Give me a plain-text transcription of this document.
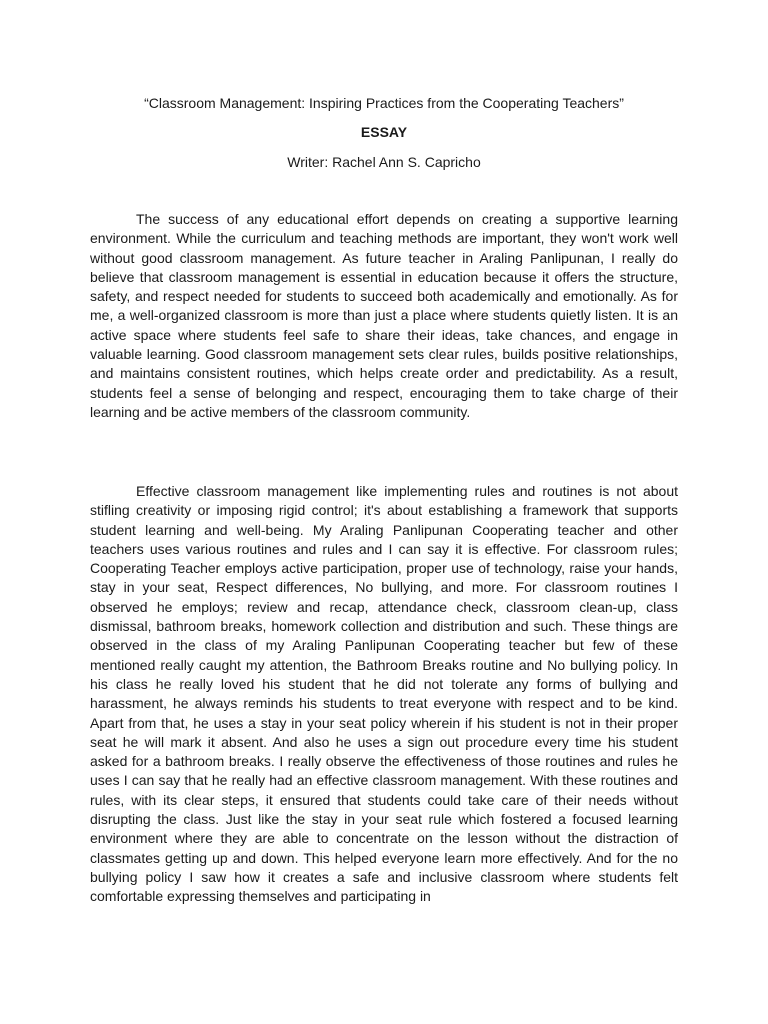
“Classroom Management: Inspiring Practices from the Cooperating Teachers”
ESSAY
Writer: Rachel Ann S. Capricho

The success of any educational effort depends on creating a supportive learning environment. While the curriculum and teaching methods are important, they won't work well without good classroom management. As future teacher in Araling Panlipunan, I really do believe that classroom management is essential in education because it offers the structure, safety, and respect needed for students to succeed both academically and emotionally. As for me, a well-organized classroom is more than just a place where students quietly listen. It is an active space where students feel safe to share their ideas, take chances, and engage in valuable learning. Good classroom management sets clear rules, builds positive relationships, and maintains consistent routines, which helps create order and predictability. As a result, students feel a sense of belonging and respect, encouraging them to take charge of their learning and be active members of the classroom community.

Effective classroom management like implementing rules and routines is not about stifling creativity or imposing rigid control; it's about establishing a framework that supports student learning and well-being. My Araling Panlipunan Cooperating teacher and other teachers uses various routines and rules and I can say it is effective. For classroom rules; Cooperating Teacher employs active participation, proper use of technology, raise your hands, stay in your seat, Respect differences, No bullying, and more. For classroom routines I observed he employs; review and recap, attendance check, classroom clean-up, class dismissal, bathroom breaks, homework collection and distribution and such. These things are observed in the class of my Araling Panlipunan Cooperating teacher but few of these mentioned really caught my attention, the Bathroom Breaks routine and No bullying policy. In his class he really loved his student that he did not tolerate any forms of bullying and harassment, he always reminds his students to treat everyone with respect and to be kind. Apart from that, he uses a stay in your seat policy wherein if his student is not in their proper seat he will mark it absent. And also he uses a sign out procedure every time his student asked for a bathroom breaks. I really observe the effectiveness of those routines and rules he uses I can say that he really had an effective classroom management. With these routines and rules, with its clear steps, it ensured that students could take care of their needs without disrupting the class. Just like the stay in your seat rule which fostered a focused learning environment where they are able to concentrate on the lesson without the distraction of classmates getting up and down. This helped everyone learn more effectively. And for the no bullying policy I saw how it creates a safe and inclusive classroom where students felt comfortable expressing themselves and participating in
